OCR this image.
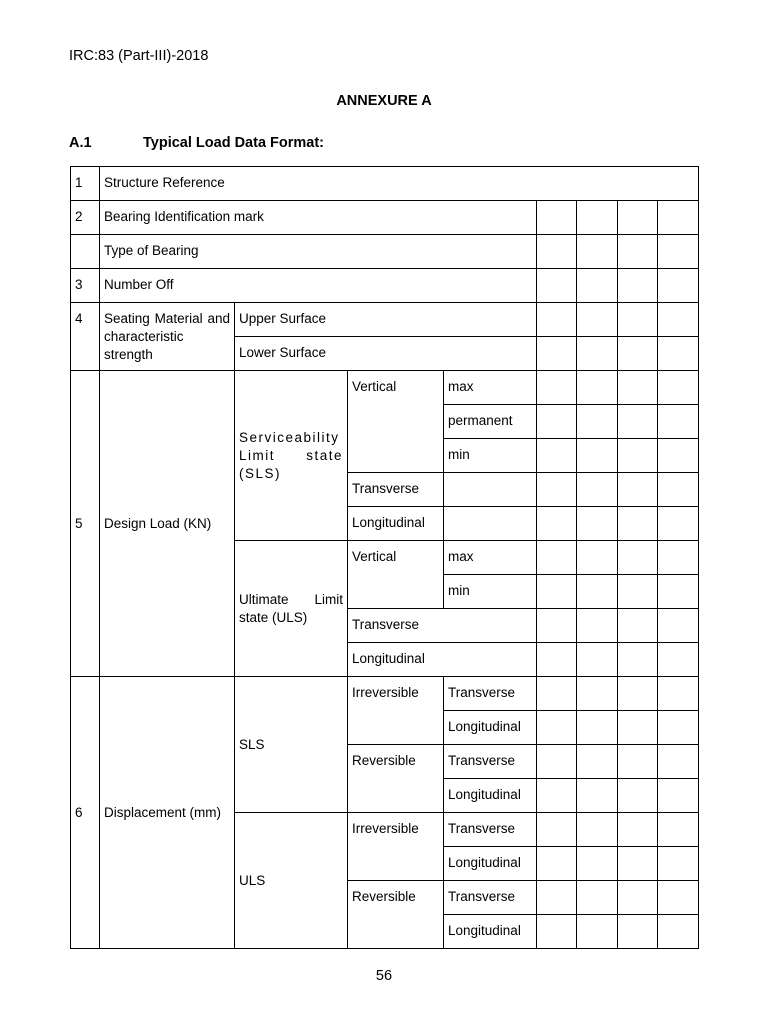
IRC:83 (Part-III)-2018
ANNEXURE A
A.1	Typical Load Data Format:
1	Structure Reference							
2	Bearing Identification mark							
	Type of Bearing							
3	Number Off							
4	Seating Material and characteristic strength	Upper Surface						
		Lower Surface						
5	Design Load (KN)	Serviceability Limit state (SLS)	Vertical	max				
				permanent				
				min				
			Transverse					
			Longitudinal					
		Ultimate Limit state (ULS)	Vertical	max				
				min				
			Transverse					
			Longitudinal					
6	Displacement (mm)	SLS	Irreversible	Transverse				
				Longitudinal				
			Reversible	Transverse				
				Longitudinal				
		ULS	Irreversible	Transverse				
				Longitudinal				
			Reversible	Transverse				
				Longitudinal				
56
